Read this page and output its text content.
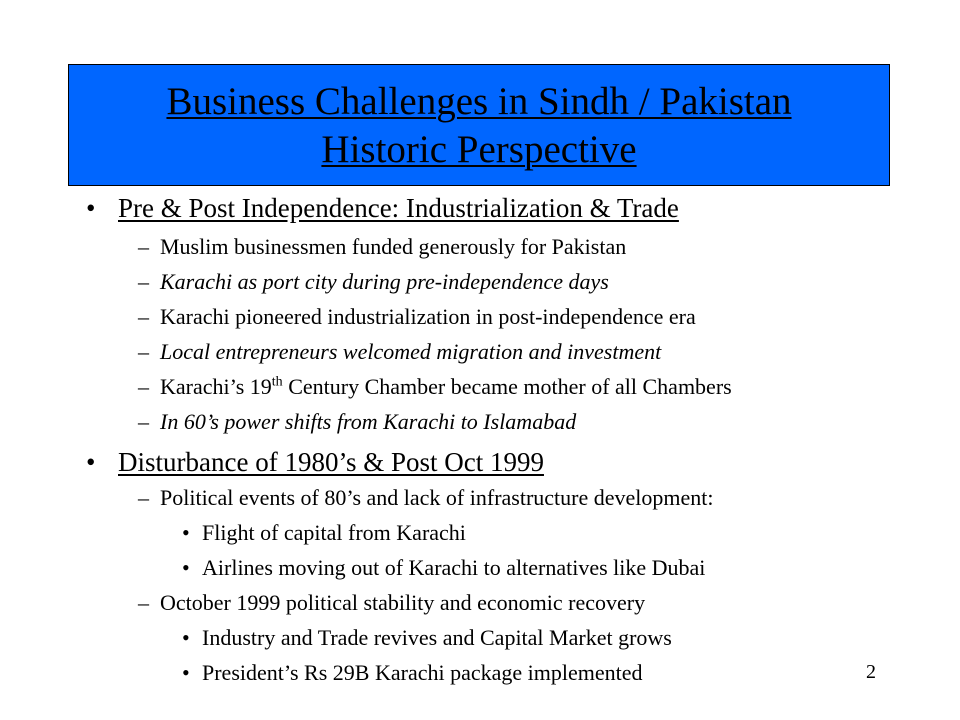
Business Challenges in Sindh / Pakistan
Historic Perspective
• Pre & Post Independence: Industrialization & Trade
– Muslim businessmen funded generously for Pakistan
– Karachi as port city during pre-independence days
– Karachi pioneered industrialization in post-independence era
– Local entrepreneurs welcomed migration and investment
– Karachi’s 19th Century Chamber became mother of all Chambers
– In 60’s power shifts from Karachi to Islamabad
• Disturbance of 1980’s & Post Oct 1999
– Political events of 80’s and lack of infrastructure development:
• Flight of capital from Karachi
• Airlines moving out of Karachi to alternatives like Dubai
– October 1999 political stability and economic recovery
• Industry and Trade revives and Capital Market grows
• President’s Rs 29B Karachi package implemented	2
